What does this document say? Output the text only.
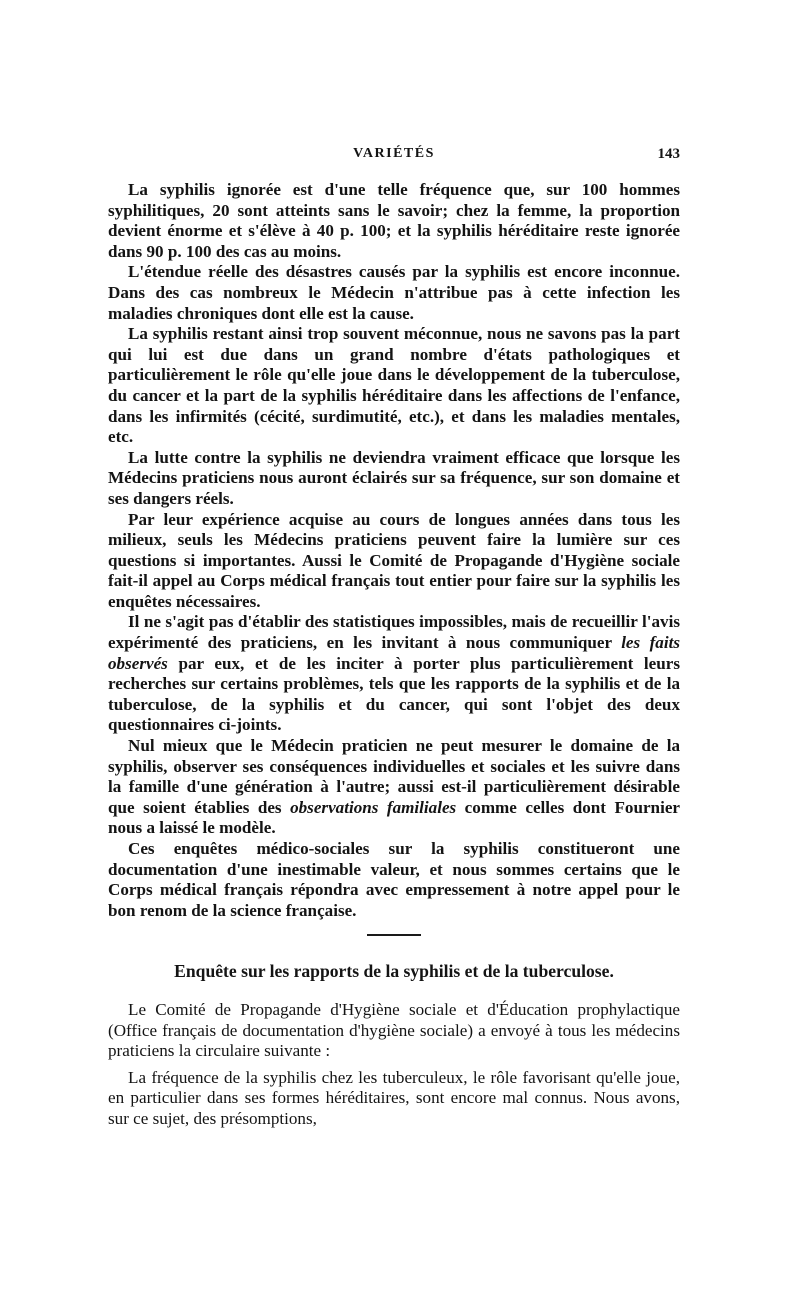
VARIÉTÉS	143

La syphilis ignorée est d'une telle fréquence que, sur 100 hommes syphilitiques, 20 sont atteints sans le savoir; chez la femme, la proportion devient énorme et s'élève à 40 p. 100; et la syphilis héréditaire reste ignorée dans 90 p. 100 des cas au moins.

L'étendue réelle des désastres causés par la syphilis est encore inconnue. Dans des cas nombreux le Médecin n'attribue pas à cette infection les maladies chroniques dont elle est la cause.

La syphilis restant ainsi trop souvent méconnue, nous ne savons pas la part qui lui est due dans un grand nombre d'états pathologiques et particulièrement le rôle qu'elle joue dans le développement de la tuberculose, du cancer et la part de la syphilis héréditaire dans les affections de l'enfance, dans les infirmités (cécité, surdimutité, etc.), et dans les maladies mentales, etc.

La lutte contre la syphilis ne deviendra vraiment efficace que lorsque les Médecins praticiens nous auront éclairés sur sa fréquence, sur son domaine et ses dangers réels.

Par leur expérience acquise au cours de longues années dans tous les milieux, seuls les Médecins praticiens peuvent faire la lumière sur ces questions si importantes. Aussi le Comité de Propagande d'Hygiène sociale fait-il appel au Corps médical français tout entier pour faire sur la syphilis les enquêtes nécessaires.

Il ne s'agit pas d'établir des statistiques impossibles, mais de recueillir l'avis expérimenté des praticiens, en les invitant à nous communiquer les faits observés par eux, et de les inciter à porter plus particulièrement leurs recherches sur certains problèmes, tels que les rapports de la syphilis et de la tuberculose, de la syphilis et du cancer, qui sont l'objet des deux questionnaires ci-joints.

Nul mieux que le Médecin praticien ne peut mesurer le domaine de la syphilis, observer ses conséquences individuelles et sociales et les suivre dans la famille d'une génération à l'autre; aussi est-il particulièrement désirable que soient établies des observations familiales comme celles dont Fournier nous a laissé le modèle.

Ces enquêtes médico-sociales sur la syphilis constitueront une documentation d'une inestimable valeur, et nous sommes certains que le Corps médical français répondra avec empressement à notre appel pour le bon renom de la science française.

Enquête sur les rapports de la syphilis et de la tuberculose.

Le Comité de Propagande d'Hygiène sociale et d'Éducation prophylactique (Office français de documentation d'hygiène sociale) a envoyé à tous les médecins praticiens la circulaire suivante :

La fréquence de la syphilis chez les tuberculeux, le rôle favorisant qu'elle joue, en particulier dans ses formes héréditaires, sont encore mal connus. Nous avons, sur ce sujet, des présomptions,
